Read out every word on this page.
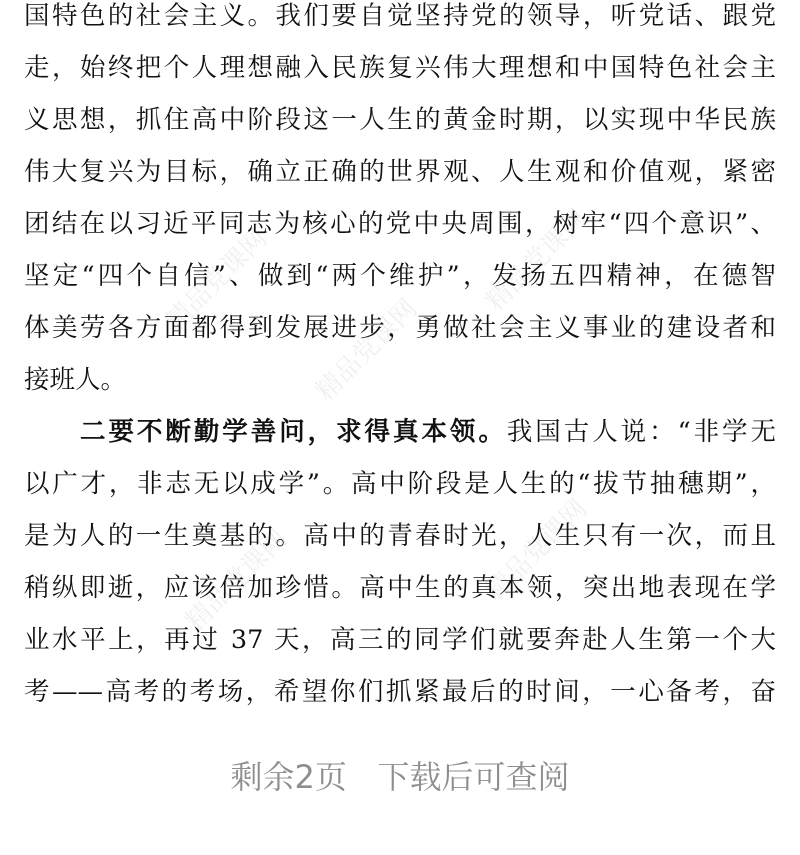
精品党课网	精品党课网
精品党课网
精品党课网
精品党课网
国特色的社会主义。我们要自觉坚持党的领导，听党话、跟党
走，始终把个人理想融入民族复兴伟大理想和中国特色社会主
义思想，抓住高中阶段这一人生的黄金时期，以实现中华民族
伟大复兴为目标，确立正确的世界观、人生观和价值观，紧密
团结在以习近平同志为核心的党中央周围，树牢“四个意识”、
坚定“四个自信”、做到“两个维护”，发扬五四精神，在德智
体美劳各方面都得到发展进步，勇做社会主义事业的建设者和
接班人。
二要不断勤学善问，求得真本领。我国古人说：“非学无
以广才，非志无以成学”。高中阶段是人生的“拔节抽穗期”，
是为人的一生奠基的。高中的青春时光，人生只有一次，而且
稍纵即逝，应该倍加珍惜。高中生的真本领，突出地表现在学
业水平上，再过 37 天，高三的同学们就要奔赴人生第一个大
考——高考的考场，希望你们抓紧最后的时间，一心备考，奋
剩余2页 下载后可查阅
